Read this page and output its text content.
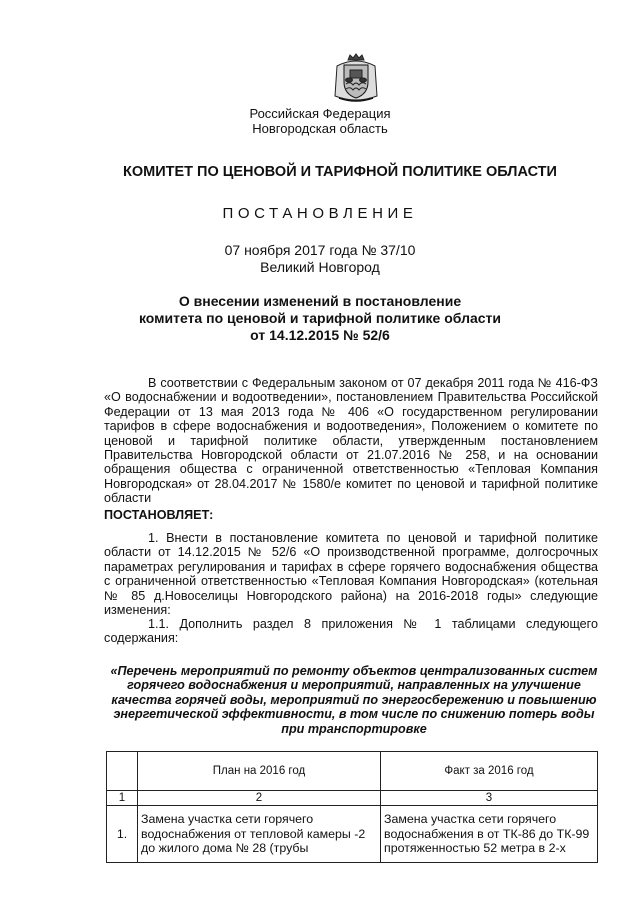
Российская Федерация
Новгородская область
КОМИТЕТ ПО ЦЕНОВОЙ И ТАРИФНОЙ ПОЛИТИКЕ ОБЛАСТИ
ПОСТАНОВЛЕНИЕ
07 ноября 2017 года № 37/10
Великий Новгород
О внесении изменений в постановление
комитета по ценовой и тарифной политике области
от 14.12.2015 № 52/6
В соответствии с Федеральным законом от 07 декабря 2011 года № 416-ФЗ «О водоснабжении и водоотведении», постановлением Правительства Российской Федерации от 13 мая 2013 года № 406 «О государственном регулировании тарифов в сфере водоснабжения и водоотведения», Положением о комитете по ценовой и тарифной политике области, утвержденным постановлением Правительства Новгородской области от 21.07.2016 № 258, и на основании обращения общества с ограниченной ответственностью «Тепловая Компания Новгородская» от 28.04.2017 № 1580/е комитет по ценовой и тарифной политике области
ПОСТАНОВЛЯЕТ:
1. Внести в постановление комитета по ценовой и тарифной политике области от 14.12.2015 № 52/6 «О производственной программе, долгосрочных параметрах регулирования и тарифах в сфере горячего водоснабжения общества с ограниченной ответственностью «Тепловая Компания Новгородская» (котельная № 85 д.Новоселицы Новгородского района) на 2016-2018 годы» следующие изменения:
1.1. Дополнить раздел 8 приложения № 1 таблицами следующего содержания:
«Перечень мероприятий по ремонту объектов централизованных систем горячего водоснабжения и мероприятий, направленных на улучшение качества горячей воды, мероприятий по энергосбережению и повышению энергетической эффективности, в том числе по снижению потерь воды при транспортировке
	План на 2016 год	Факт за 2016 год
1	2	3
1.	Замена участка сети горячего водоснабжения от тепловой камеры -2 до жилого дома № 28 (трубы	Замена участка сети горячего водоснабжения в от ТК-86 до ТК-99 протяженностью 52 метра в 2-х
